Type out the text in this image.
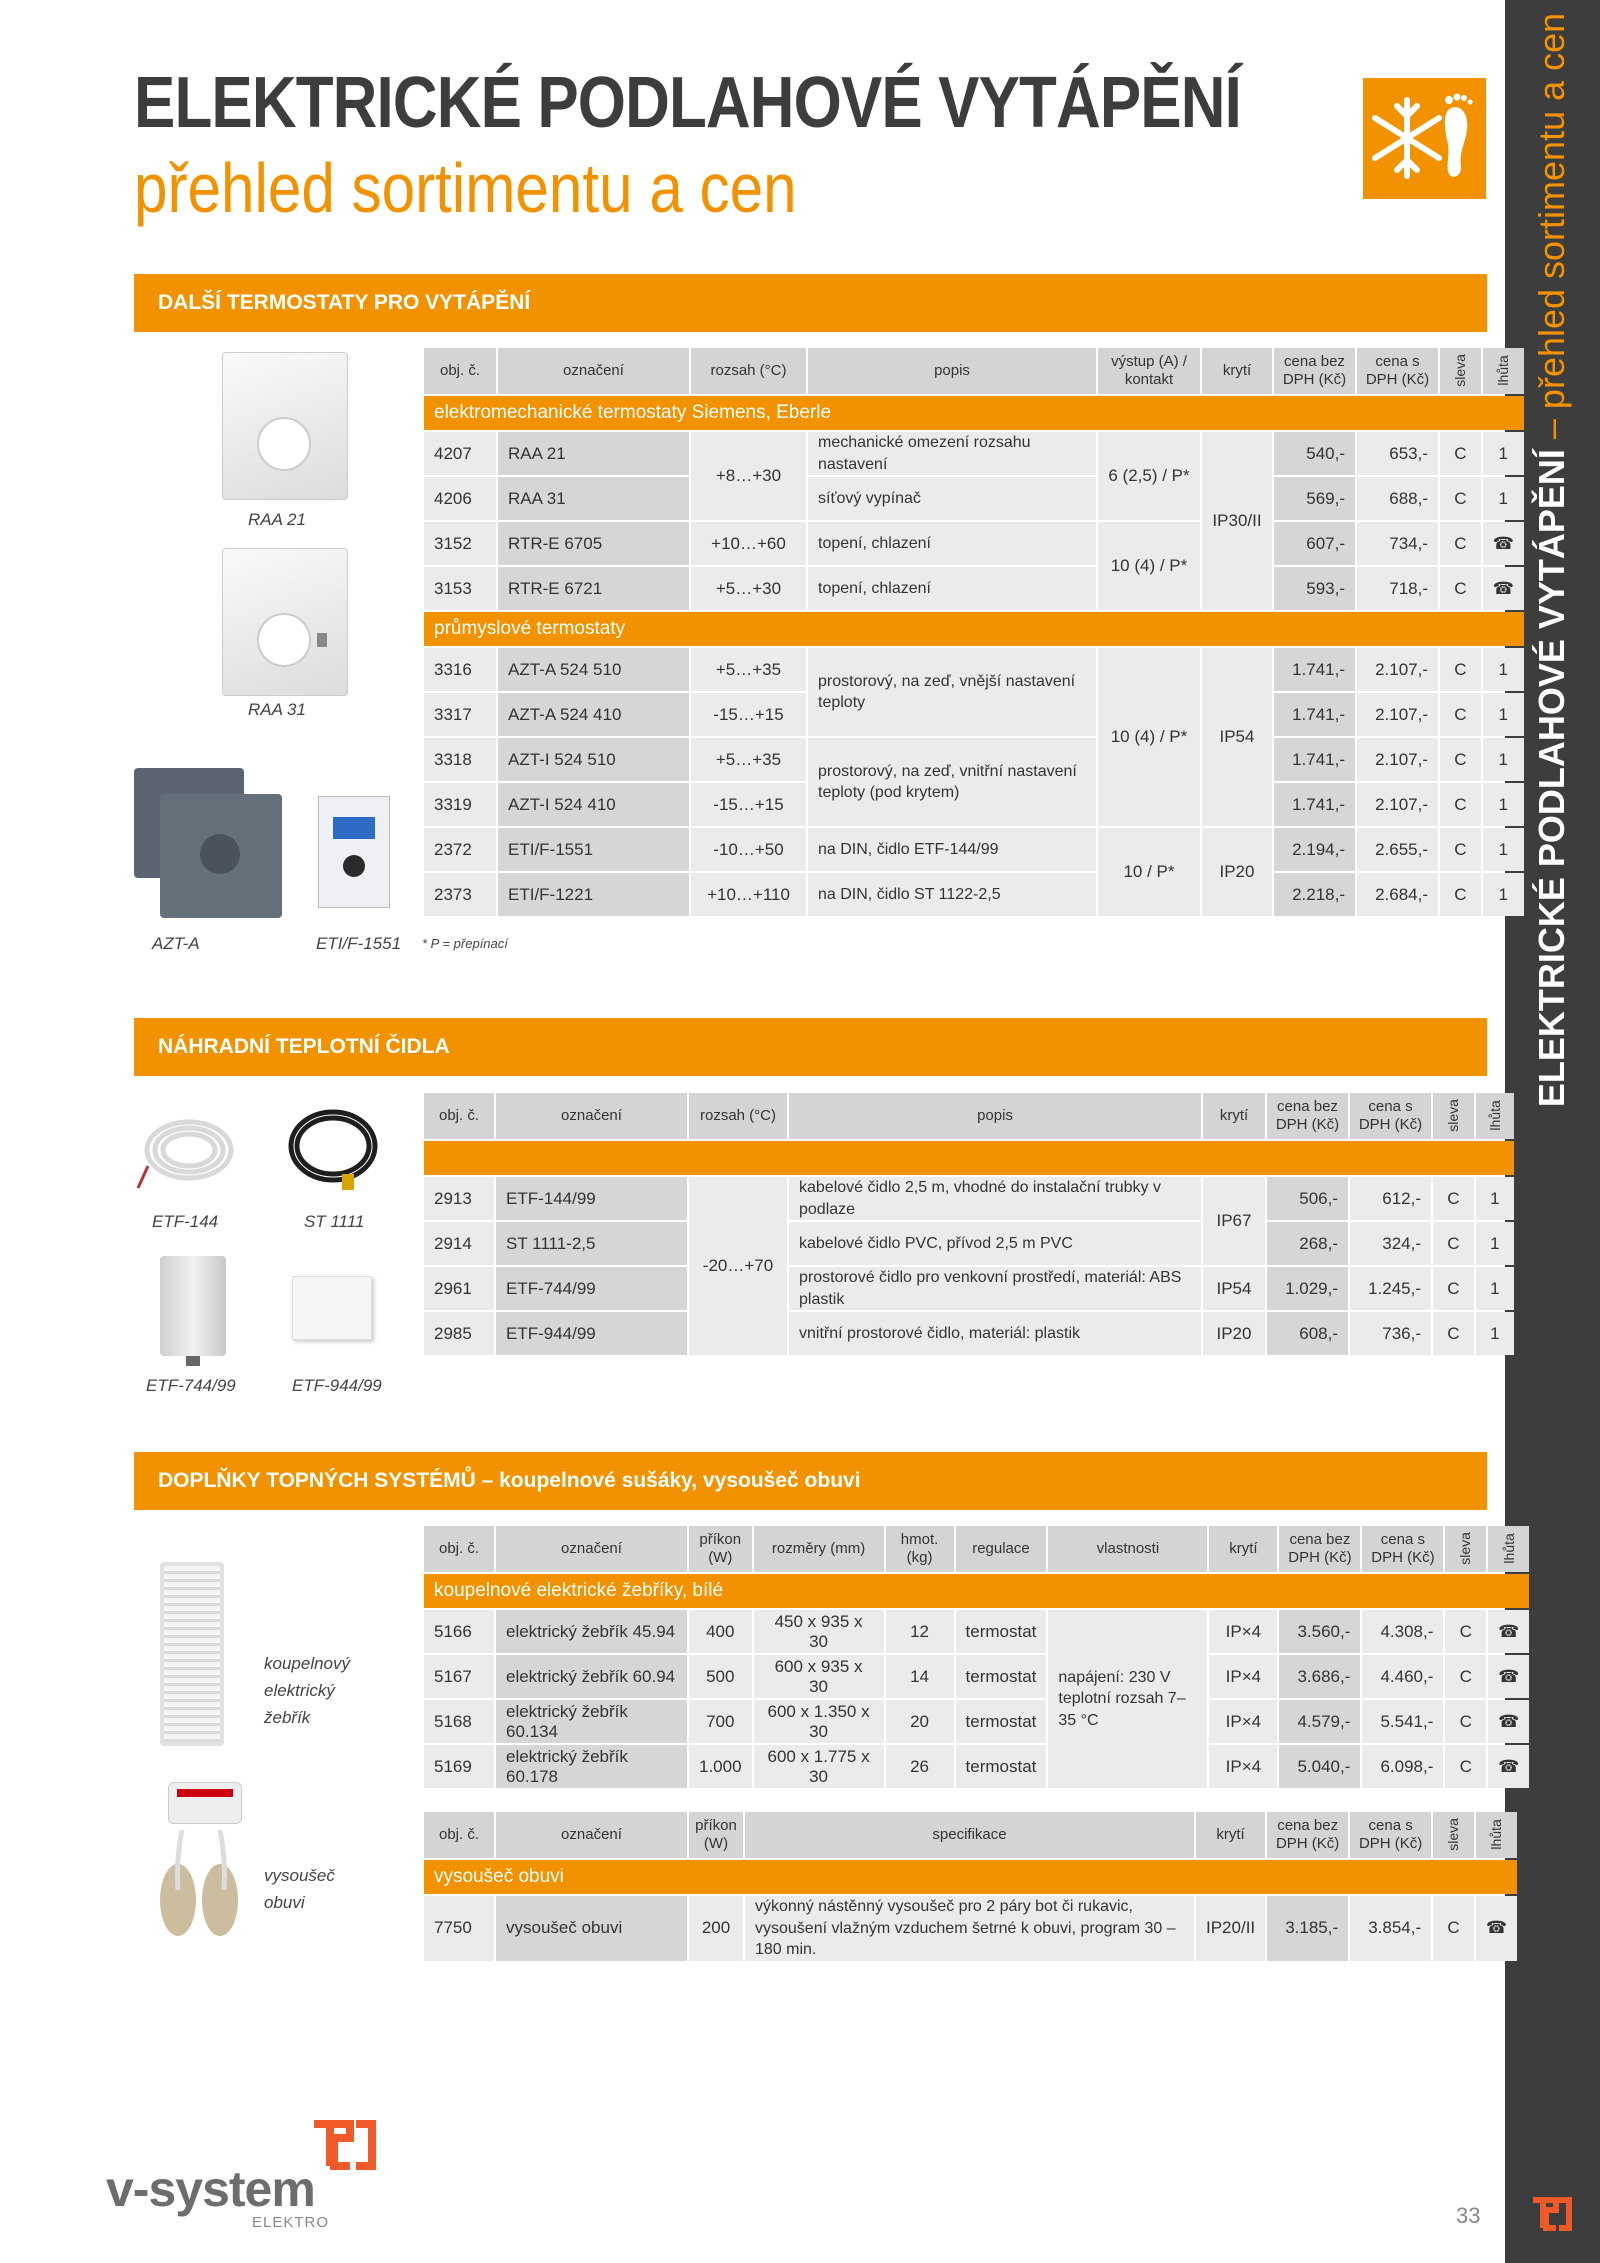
ELEKTRICKÉ PODLAHOVÉ VYTÁPĚNÍ
přehled sortimentu a cen
ELEKTRICKÉ PODLAHOVÉ VYTÁPĚNÍ – přehled sortimentu a cen
DALŠÍ TERMOSTATY PRO VYTÁPĚNÍ
RAA 21
RAA 31
AZT-A	ETI/F-1551
obj. č.	označení	rozsah (°C)	popis	výstup (A) / kontakt	krytí	cena bez DPH (Kč)	cena s DPH (Kč)	sleva	lhůta
elektromechanické termostaty Siemens, Eberle									
4207	RAA 21	+8…+30	mechanické omezení rozsahu nastavení	6 (2,5) / P*	IP30/II	540,-	653,-	C	1
4206	RAA 31		síťový vypínač			569,-	688,-	C	1
3152	RTR-E 6705	+10…+60	topení, chlazení	10 (4) / P*		607,-	734,-	C	☎
3153	RTR-E 6721	+5…+30	topení, chlazení			593,-	718,-	C	☎
průmyslové termostaty									
3316	AZT-A 524 510	+5…+35	prostorový, na zeď, vnější nastavení teploty	10 (4) / P*	IP54	1.741,-	2.107,-	C	1
3317	AZT-A 524 410	-15…+15				1.741,-	2.107,-	C	1
3318	AZT-I 524 510	+5…+35	prostorový, na zeď, vnitřní nastavení teploty (pod krytem)			1.741,-	2.107,-	C	1
3319	AZT-I 524 410	-15…+15				1.741,-	2.107,-	C	1
2372	ETI/F-1551	-10…+50	na DIN, čidlo ETF-144/99	10 / P*	IP20	2.194,-	2.655,-	C	1
2373	ETI/F-1221	+10…+110	na DIN, čidlo ST 1122-2,5			2.218,-	2.684,-	C	1
* P = přepínací
NÁHRADNÍ TEPLOTNÍ ČIDLA
ETF-144	ST 1111
ETF-744/99	ETF-944/99
obj. č.	označení	rozsah (°C)	popis	krytí	cena bez DPH (Kč)	cena s DPH (Kč)	sleva	lhůta

2913	ETF-144/99	-20…+70	kabelové čidlo 2,5 m, vhodné do instalační trubky v podlaze	IP67	506,-	612,-	C	1
2914	ST 1111-2,5		kabelové čidlo PVC, přívod 2,5 m PVC		268,-	324,-	C	1
2961	ETF-744/99		prostorové čidlo pro venkovní prostředí, materiál: ABS plastik	IP54	1.029,-	1.245,-	C	1
2985	ETF-944/99		vnitřní prostorové čidlo, materiál: plastik	IP20	608,-	736,-	C	1
DOPLŇKY TOPNÝCH SYSTÉMŮ – koupelnové sušáky, vysoušeč obuvi
koupelnový elektrický žebřík
vysoušeč obuvi
obj. č.	označení	příkon (W)	rozměry (mm)	hmot. (kg)	regulace	vlastnosti	krytí	cena bez DPH (Kč)	cena s DPH (Kč)	sleva	lhůta
koupelnové elektrické žebříky, bílé											
5166	elektrický žebřík 45.94	400	450 x 935 x 30	12	termostat	napájení: 230 V teplotní rozsah 7–35 °C	IP×4	3.560,-	4.308,-	C	☎
5167	elektrický žebřík 60.94	500	600 x 935 x 30	14	termostat		IP×4	3.686,-	4.460,-	C	☎
5168	elektrický žebřík 60.134	700	600 x 1.350 x 30	20	termostat		IP×4	4.579,-	5.541,-	C	☎
5169	elektrický žebřík 60.178	1.000	600 x 1.775 x 30	26	termostat		IP×4	5.040,-	6.098,-	C	☎
obj. č.	označení	příkon (W)	specifikace	krytí	cena bez DPH (Kč)	cena s DPH (Kč)	sleva	lhůta
vysoušeč obuvi								
7750	vysoušeč obuvi	200	výkonný nástěnný vysoušeč pro 2 páry bot či rukavic, vysoušení vlažným vzduchem šetrné k obuvi, program 30 – 180 min.	IP20/II	3.185,-	3.854,-	C	☎
v-system
ELEKTRO	33
